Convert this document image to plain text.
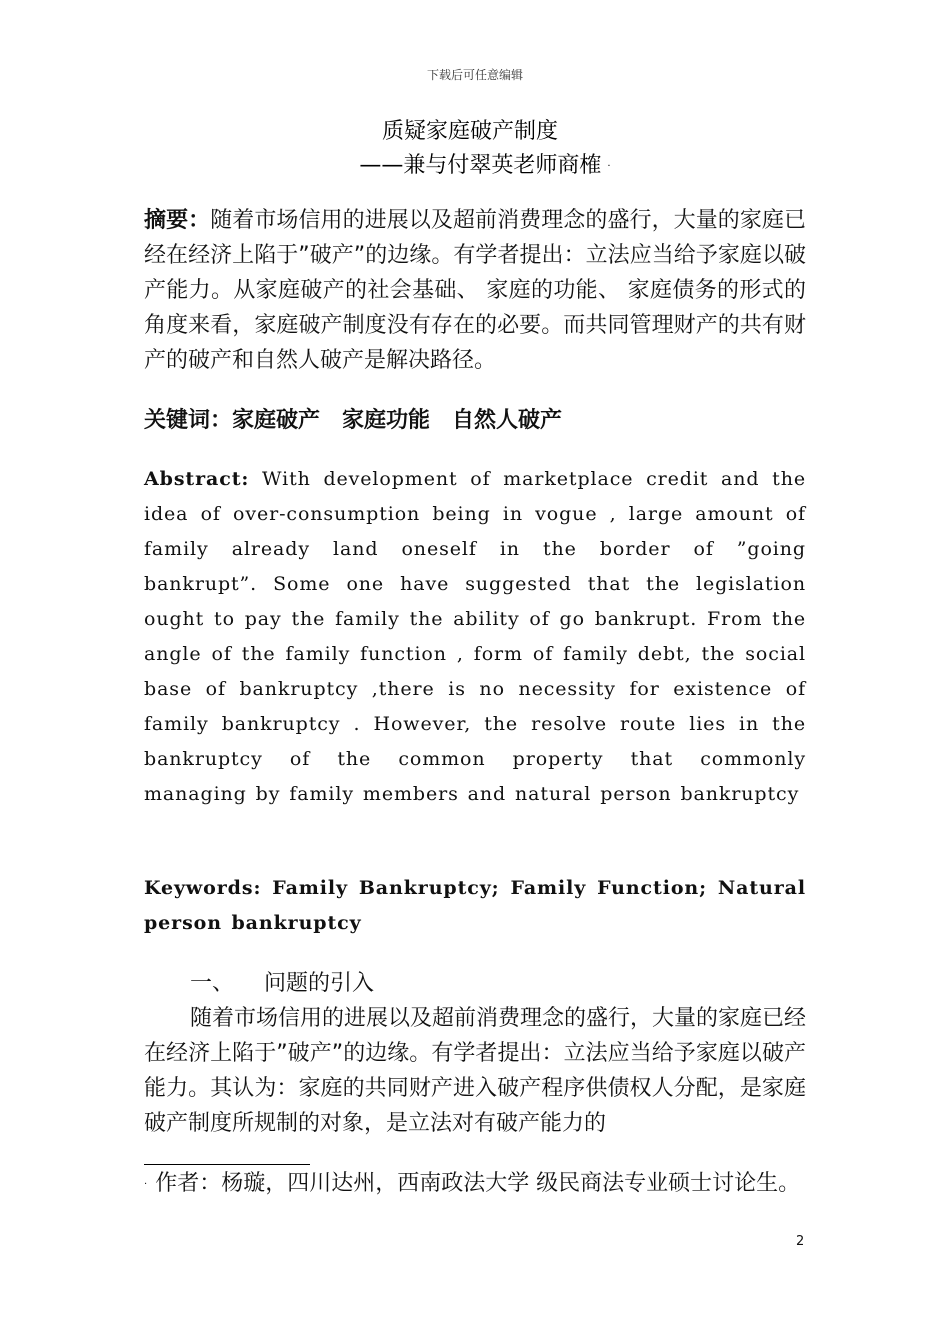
下载后可任意编辑
质疑家庭破产制度
——兼与付翠英老师商榷 ·

摘要：随着市场信用的进展以及超前消费理念的盛行，大量的家庭已经在经济上陷于”破产”的边缘。有学者提出：立法应当给予家庭以破产能力。从家庭破产的社会基础、 家庭的功能、 家庭债务的形式的角度来看，家庭破产制度没有存在的必要。而共同管理财产的共有财产的破产和自然人破产是解决路径。

关键词：家庭破产 家庭功能 自然人破产

Abstract: With development of marketplace credit and the idea of over-consumption being in vogue , large amount of family already land oneself in the border of ”going bankrupt”. Some one have suggested that the legislation ought to pay the family the ability of go bankrupt. From the angle of the family function , form of family debt, the social base of bankruptcy ,there is no necessity for existence of family bankruptcy . However, the resolve route lies in the bankruptcy of the common property that commonly managing by family members and natural person bankruptcy

Keywords: Family Bankruptcy; Family Function; Natural person bankruptcy

一、 问题的引入

随着市场信用的进展以及超前消费理念的盛行，大量的家庭已经在经济上陷于”破产”的边缘。有学者提出：立法应当给予家庭以破产能力。其认为：家庭的共同财产进入破产程序供债权人分配，是家庭破产制度所规制的对象，是立法对有破产能力的

· 作者：杨璇，四川达州，西南政法大学 级民商法专业硕士讨论生。

2
